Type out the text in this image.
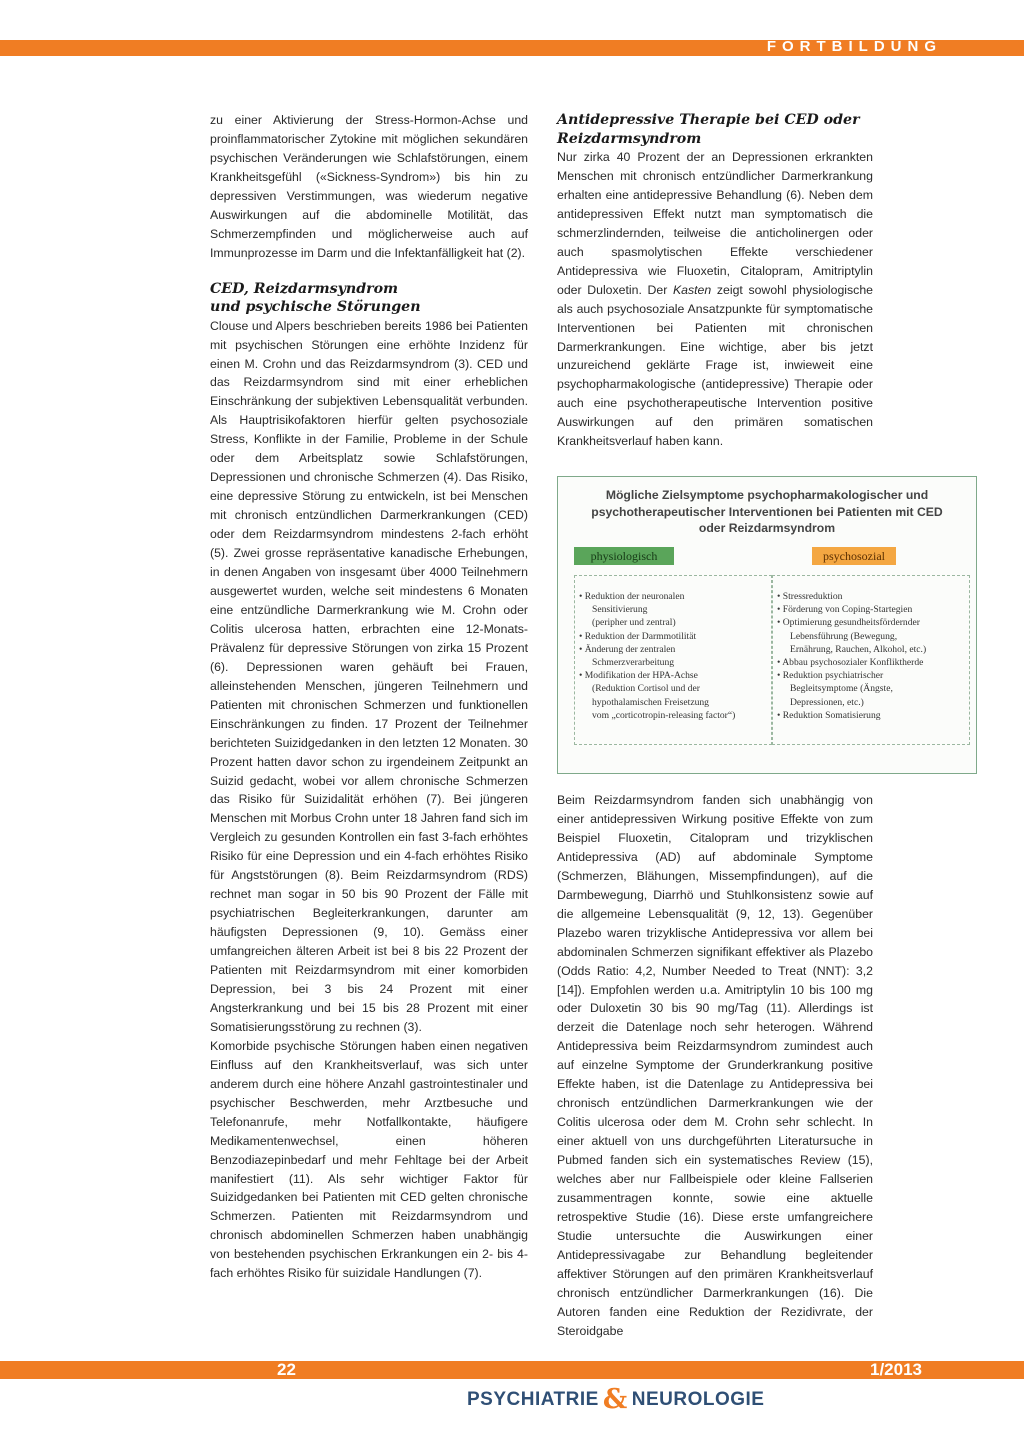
FORTBILDUNG

zu einer Aktivierung der Stress-Hormon-Achse und proinflammatorischer Zytokine mit möglichen sekundären psychischen Veränderungen wie Schlafstörungen, einem Krankheitsgefühl («Sickness-Syndrom») bis hin zu depressiven Verstimmungen, was wiederum negative Auswirkungen auf die abdominelle Motilität, das Schmerzempfinden und möglicherweise auch auf Immunprozesse im Darm und die Infektanfälligkeit hat (2).

CED, Reizdarmsyndrom
und psychische Störungen

Clouse und Alpers beschrieben bereits 1986 bei Patienten mit psychischen Störungen eine erhöhte Inzidenz für einen M. Crohn und das Reizdarmsyndrom (3). CED und das Reizdarmsyndrom sind mit einer erheblichen Einschränkung der subjektiven Lebensqualität verbunden. Als Hauptrisikofaktoren hierfür gelten psychosoziale Stress, Konflikte in der Familie, Probleme in der Schule oder dem Arbeitsplatz sowie Schlafstörungen, Depressionen und chronische Schmerzen (4). Das Risiko, eine depressive Störung zu entwickeln, ist bei Menschen mit chronisch entzündlichen Darmerkrankungen (CED) oder dem Reizdarmsyndrom mindestens 2-fach erhöht (5). Zwei grosse repräsentative kanadische Erhebungen, in denen Angaben von insgesamt über 4000 Teilnehmern ausgewertet wurden, welche seit mindestens 6 Monaten eine entzündliche Darmerkrankung wie M. Crohn oder Colitis ulcerosa hatten, erbrachten eine 12-Monats-Prävalenz für depressive Störungen von zirka 15 Prozent (6). Depressionen waren gehäuft bei Frauen, alleinstehenden Menschen, jüngeren Teilnehmern und Patienten mit chronischen Schmerzen und funktionellen Einschränkungen zu finden. 17 Prozent der Teilnehmer berichteten Suizidgedanken in den letzten 12 Monaten. 30 Prozent hatten davor schon zu irgendeinem Zeitpunkt an Suizid gedacht, wobei vor allem chronische Schmerzen das Risiko für Suizidalität erhöhen (7). Bei jüngeren Menschen mit Morbus Crohn unter 18 Jahren fand sich im Vergleich zu gesunden Kontrollen ein fast 3-fach erhöhtes Risiko für eine Depression und ein 4-fach erhöhtes Risiko für Angststörungen (8). Beim Reizdarmsyndrom (RDS) rechnet man sogar in 50 bis 90 Prozent der Fälle mit psychiatrischen Begleiterkrankungen, darunter am häufigsten Depressionen (9, 10). Gemäss einer umfangreichen älteren Arbeit ist bei 8 bis 22 Prozent der Patienten mit Reizdarmsyndrom mit einer komorbiden Depression, bei 3 bis 24 Prozent mit einer Angsterkrankung und bei 15 bis 28 Prozent mit einer Somatisierungsstörung zu rechnen (3).

Komorbide psychische Störungen haben einen negativen Einfluss auf den Krankheitsverlauf, was sich unter anderem durch eine höhere Anzahl gastrointestinaler und psychischer Beschwerden, mehr Arztbesuche und Telefonanrufe, mehr Notfallkontakte, häufigere Medikamentenwechsel, einen höheren Benzodiazepinbedarf und mehr Fehltage bei der Arbeit manifestiert (11). Als sehr wichtiger Faktor für Suizidgedanken bei Patienten mit CED gelten chronische Schmerzen. Patienten mit Reizdarmsyndrom und chronisch abdominellen Schmerzen haben unabhängig von bestehenden psychischen Erkrankungen ein 2- bis 4-fach erhöhtes Risiko für suizidale Handlungen (7).

Antidepressive Therapie bei CED oder
Reizdarmsyndrom

Nur zirka 40 Prozent der an Depressionen erkrankten Menschen mit chronisch entzündlicher Darmerkrankung erhalten eine antidepressive Behandlung (6). Neben dem antidepressiven Effekt nutzt man symptomatisch die schmerzlindernden, teilweise die anticholinergen oder auch spasmolytischen Effekte verschiedener Antidepressiva wie Fluoxetin, Citalopram, Amitriptylin oder Duloxetin. Der Kasten zeigt sowohl physiologische als auch psychosoziale Ansatzpunkte für symptomatische Interventionen bei Patienten mit chronischen Darmerkrankungen. Eine wichtige, aber bis jetzt unzureichend geklärte Frage ist, inwieweit eine psychopharmakologische (antidepressive) Therapie oder auch eine psychotherapeutische Intervention positive Auswirkungen auf den primären somatischen Krankheitsverlauf haben kann.

Mögliche Zielsymptome psychopharmakologischer und
psychotherapeutischer Interventionen bei Patienten mit CED
oder Reizdarmsyndrom
physiologisch	psychosozial
• Reduktion der neuronalen
Sensitivierung
(peripher und zentral)
• Reduktion der Darmmotilität
• Änderung der zentralen
Schmerzverarbeitung
• Modifikation der HPA-Achse
(Reduktion Cortisol und der
hypothalamischen Freisetzung
vom „corticotropin-releasing factor“)
• Stressreduktion
• Förderung von Coping-Startegien
• Optimierung gesundheitsfördernder
Lebensführung (Bewegung,
Ernährung, Rauchen, Alkohol, etc.)
• Abbau psychosozialer Konfliktherde
• Reduktion psychiatrischer
Begleitsymptome (Ängste,
Depressionen, etc.)
• Reduktion Somatisierung

Beim Reizdarmsyndrom fanden sich unabhängig von einer antidepressiven Wirkung positive Effekte von zum Beispiel Fluoxetin, Citalopram und trizyklischen Antidepressiva (AD) auf abdominale Symptome (Schmerzen, Blähungen, Missempfindungen), auf die Darmbewegung, Diarrhö und Stuhlkonsistenz sowie auf die allgemeine Lebensqualität (9, 12, 13). Gegenüber Plazebo waren trizyklische Antidepressiva vor allem bei abdominalen Schmerzen signifikant effektiver als Plazebo (Odds Ratio: 4,2, Number Needed to Treat (NNT): 3,2 [14]). Empfohlen werden u.a. Amitriptylin 10 bis 100 mg oder Duloxetin 30 bis 90 mg/Tag (11). Allerdings ist derzeit die Datenlage noch sehr heterogen. Während Antidepressiva beim Reizdarmsyndrom zumindest auch auf einzelne Symptome der Grunderkrankung positive Effekte haben, ist die Datenlage zu Antidepressiva bei chronisch entzündlichen Darmerkrankungen wie der Colitis ulcerosa oder dem M. Crohn sehr schlecht. In einer aktuell von uns durchgeführten Literatursuche in Pubmed fanden sich ein systematisches Review (15), welches aber nur Fallbeispiele oder kleine Fallserien zusammentragen konnte, sowie eine aktuelle retrospektive Studie (16). Diese erste umfangreichere Studie untersuchte die Auswirkungen einer Antidepressivagabe zur Behandlung begleitender affektiver Störungen auf den primären Krankheitsverlauf chronisch entzündlicher Darmerkrankungen (16). Die Autoren fanden eine Reduktion der Rezidivrate, der Steroidgabe

22	1/2013
PSYCHIATRIE & NEUROLOGIE
